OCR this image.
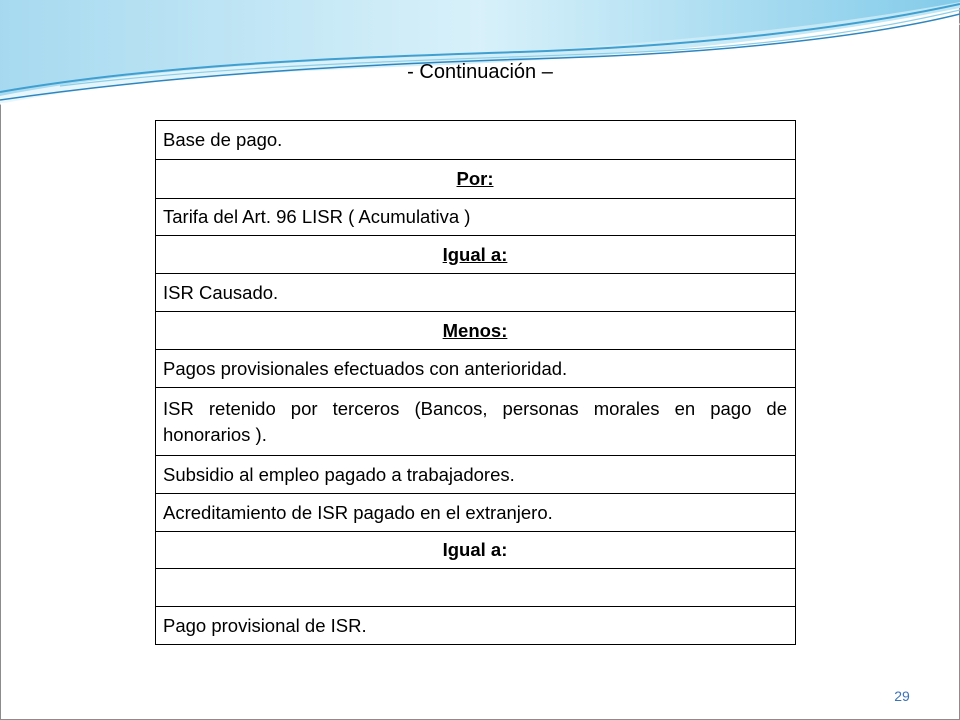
- Continuación –
Base de pago.
Por:
Tarifa del Art. 96 LISR ( Acumulativa )
Igual a:
ISR Causado.
Menos:
Pagos provisionales efectuados con anterioridad.
ISR retenido por terceros (Bancos, personas morales en pago de honorarios ).
Subsidio al empleo pagado a trabajadores.
Acreditamiento de ISR pagado en el extranjero.
Igual a:

Pago provisional de ISR.
29
